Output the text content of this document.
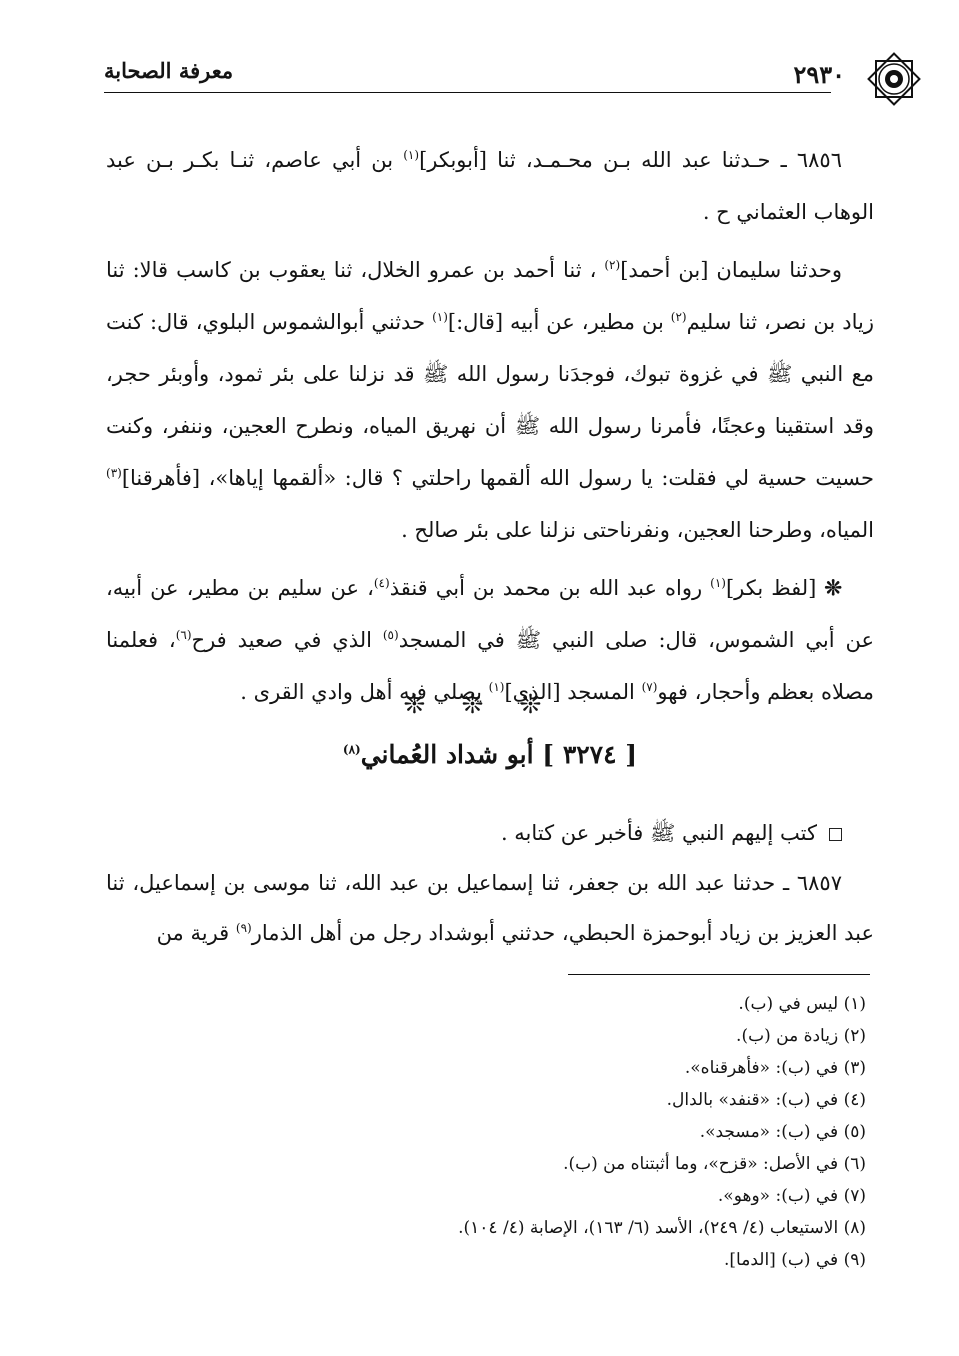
٢٩٣٠
معرفة الصحابة

٦٨٥٦ ـ حـدثنا عبد الله بـن محـمـد، ثنا [أبوبكر]$^{(١)}$ بن أبي عاصم، ثنـا بكـر بـن عبد الوهاب العثماني ح .

وحدثنا سليمان [بن أحمد]$^{(٢)}$ ، ثنا أحمد بن عمرو الخلال، ثنا يعقوب بن كاسب قالا: ثنا زياد بن نصر، ثنا سليم$^{(٢)}$ بن مطير، عن أبيه [قال:]$^{(١)}$ حدثني أبوالشموس البلوي، قال: كنت مع النبي ﷺ في غزوة تبوك، فوجدَنا رسول الله ﷺ قد نزلنا على بئر ثمود، وأوبئر حجر، وقد استقينا وعجنًا، فأمرنا رسول الله ﷺ أن نهريق المياه، ونطرح العجين، وننفر، وكنت حسيت حسية لي فقلت: يا رسول الله ألقمها راحلتي ؟ قال: «ألقمها إياها»، [فأهرقنا]$^{(٣)}$ المياه، وطرحنا العجين، ونفرناحتى نزلنا على بئر صالح .

❊ [لفظ بكر]$^{(١)}$ رواه عبد الله بن محمد بن أبي قنقذ$^{(٤)}$، عن سليم بن مطير، عن أبيه، عن أبي الشموس، قال: صلى النبي ﷺ في المسجد$^{(٥)}$ الذي في صعيد فرح$^{(٦)}$، فعلمنا مصلاه بعظم وأحجار، فهو$^{(٧)}$ المسجد [الذي]$^{(١)}$ يصلي فيه أهل وادي القرى .

❊ ❊ ❊
[ ٣٢٧٤ ] أبو شداد العُماني$^{(٨)}$

كتب إليهم النبي ﷺ فأخبر عن كتابه .

٦٨٥٧ ـ حدثنا عبد الله بن جعفر، ثنا إسماعيل بن عبد الله، ثنا موسى بن إسماعيل، ثنا عبد العزيز بن زياد أبوحمزة الحبطي، حدثني أبوشداد رجل من أهل الذمار$^{(٩)}$ قرية من

(١) ليس في (ب).
(٢) زيادة من (ب).
(٣) في (ب): «فأهرقناه».
(٤) في (ب): «قنفد» بالدال.
(٥) في (ب): «مسجد».
(٦) في الأصل: «قزح»، وما أثبتناه من (ب).
(٧) في (ب): «وهو».
(٨) الاستيعاب (٤/ ٢٤٩)، الأسد (٦/ ١٦٣)، الإصابة (٤/ ١٠٤).
(٩) في (ب) [الدما].
